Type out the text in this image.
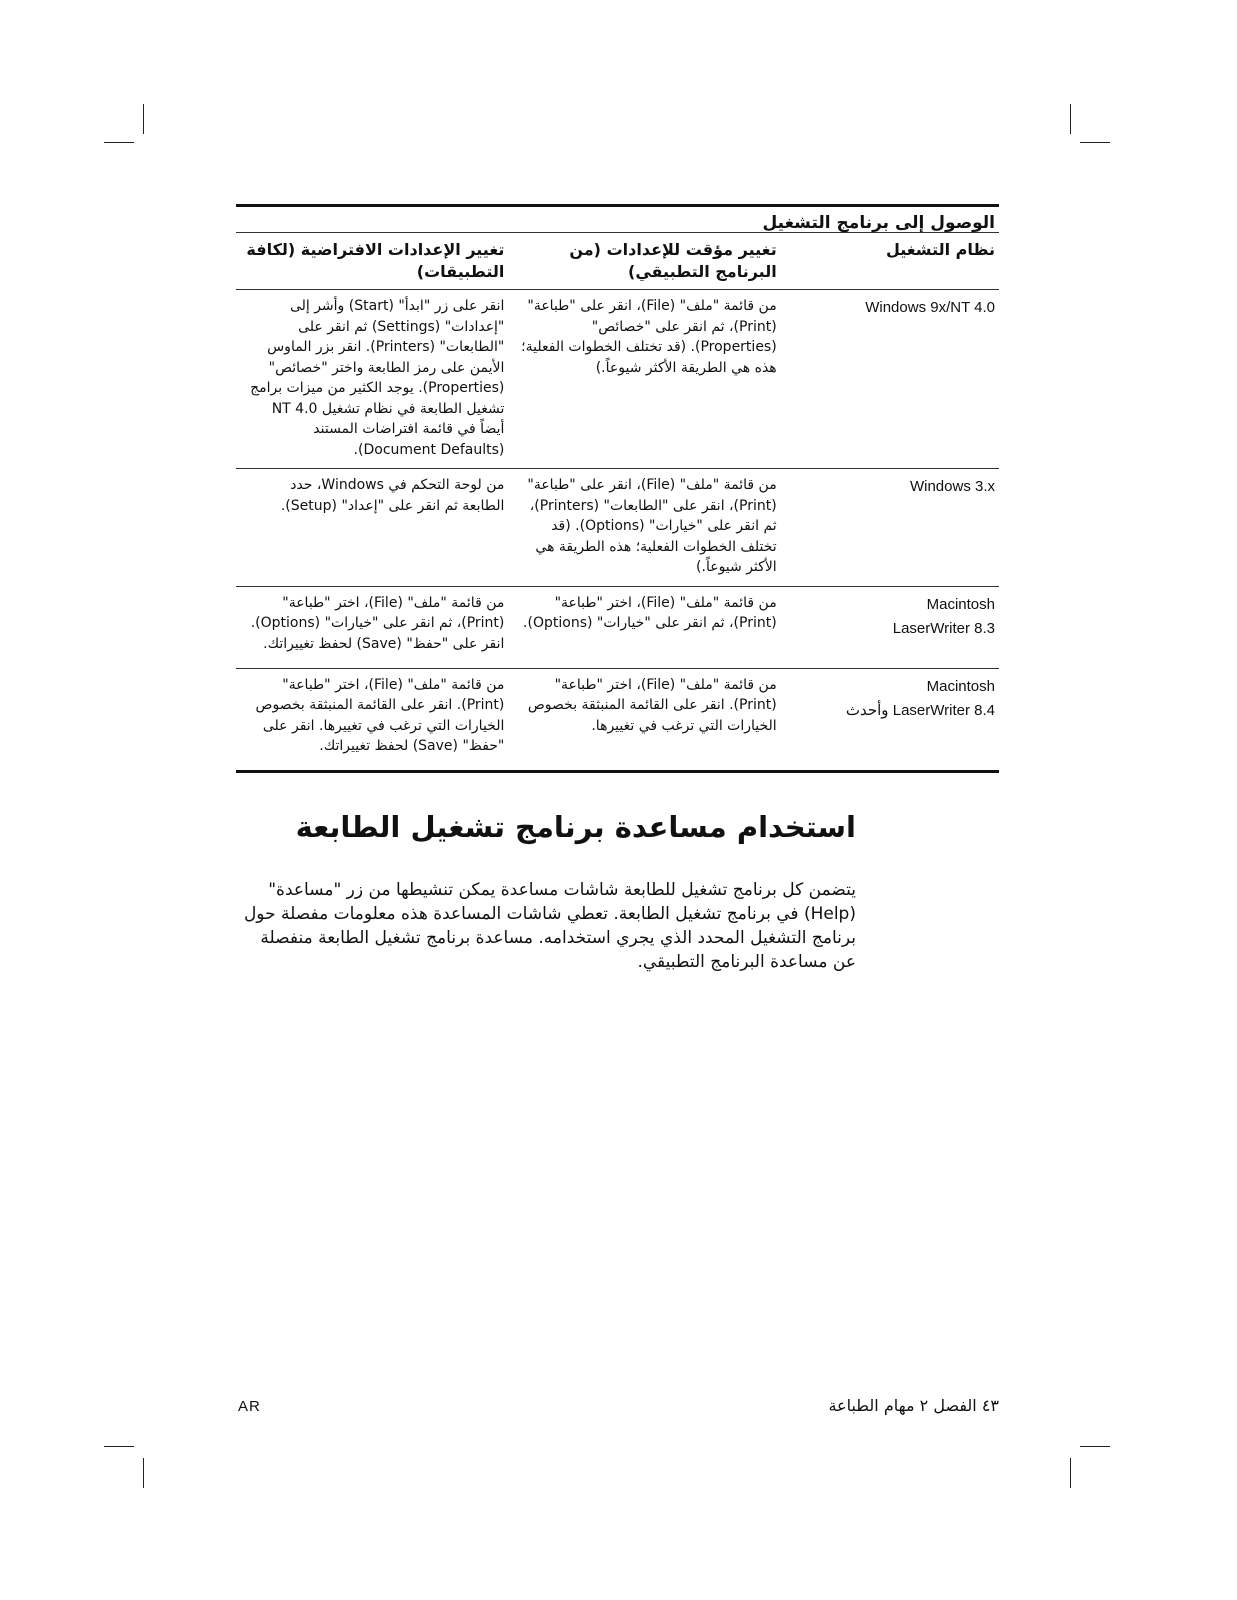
الوصول إلى برنامج التشغيل
نظام التشغيل	تغيير مؤقت للإعدادات (من البرنامج التطبيقي)	تغيير الإعدادات الافتراضية (لكافة التطبيقات)

Windows 9x/NT 4.0	من قائمة "ملف" (File)، انقر على "طباعة" (Print)، ثم انقر على "خصائص" (Properties). (قد تختلف الخطوات الفعلية؛ هذه هي الطريقة الأكثر شيوعاً.)	انقر على زر "ابدأ" (Start) وأشر إلى "إعدادات" (Settings) ثم انقر على "الطابعات" (Printers). انقر بزر الماوس الأيمن على رمز الطابعة واختر "خصائص" (Properties). يوجد الكثير من ميزات برامج تشغيل الطابعة في نظام تشغيل NT 4.0 أيضاً في قائمة افتراضات المستند (Document Defaults).

Windows 3.x	من قائمة "ملف" (File)، انقر على "طباعة" (Print)، انقر على "الطابعات" (Printers)، ثم انقر على "خيارات" (Options). (قد تختلف الخطوات الفعلية؛ هذه الطريقة هي الأكثر شيوعاً.)	من لوحة التحكم في Windows، حدد الطابعة ثم انقر على "إعداد" (Setup).

Macintosh
LaserWriter 8.3	من قائمة "ملف" (File)، اختر "طباعة" (Print)، ثم انقر على "خيارات" (Options).	من قائمة "ملف" (File)، اختر "طباعة" (Print)، ثم انقر على "خيارات" (Options). انقر على "حفظ" (Save) لحفظ تغييراتك.

Macintosh
LaserWriter 8.4 وأحدث	من قائمة "ملف" (File)، اختر "طباعة" (Print). انقر على القائمة المنبثقة بخصوص الخيارات التي ترغب في تغييرها.	من قائمة "ملف" (File)، اختر "طباعة" (Print). انقر على القائمة المنبثقة بخصوص الخيارات التي ترغب في تغييرها. انقر على "حفظ" (Save) لحفظ تغييراتك.
استخدام مساعدة برنامج تشغيل الطابعة
يتضمن كل برنامج تشغيل للطابعة شاشات مساعدة يمكن تنشيطها من زر "مساعدة" (Help) في برنامج تشغيل الطابعة. تعطي شاشات المساعدة هذه معلومات مفصلة حول برنامج التشغيل المحدد الذي يجري استخدامه. مساعدة برنامج تشغيل الطابعة منفصلة عن مساعدة البرنامج التطبيقي.
AR	٤٣ الفصل ٢ مهام الطباعة
